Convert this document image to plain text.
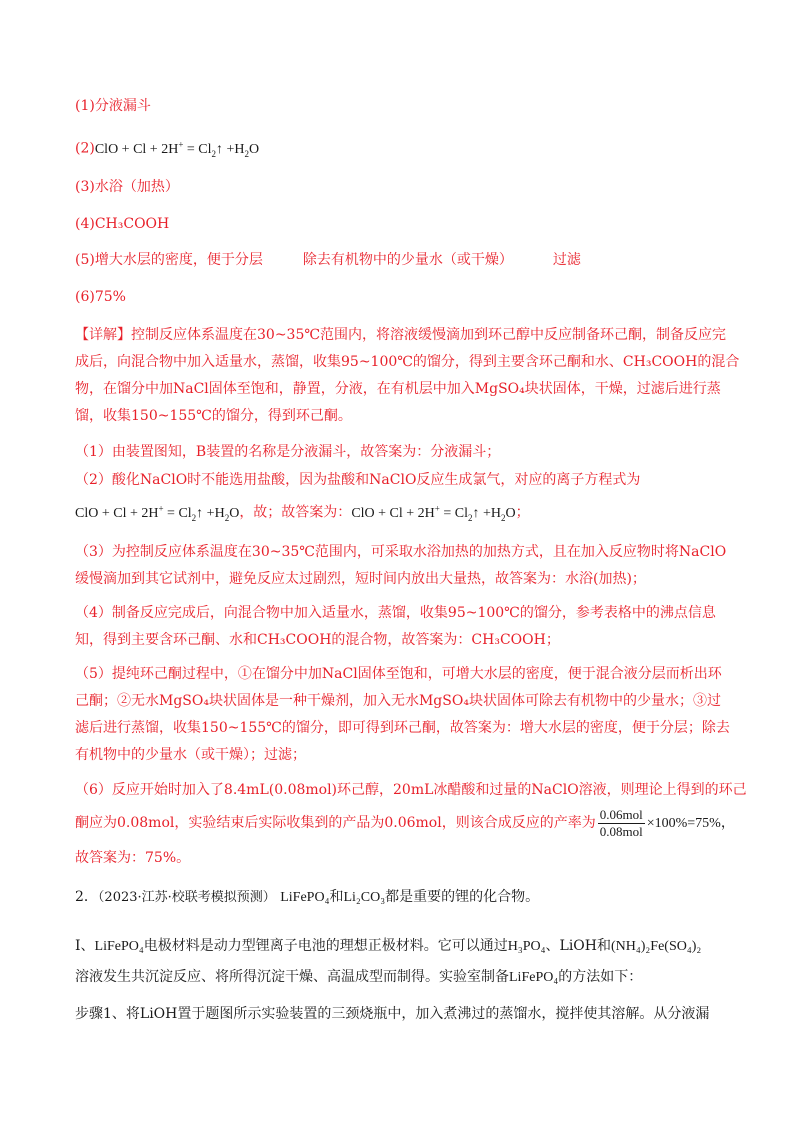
(1)分液漏斗
$(2)ClO + Cl + 2H^+ = Cl_2↑ +H_2O$
(3)水浴（加热）
(4)CH₃COOH
(5)增大水层的密度，便于分层	除去有机物中的少量水（或干燥）	过滤
(6)75%
【详解】控制反应体系温度在30~35℃范围内，将溶液缓慢滴加到环己醇中反应制备环己酮，制备反应完
成后，向混合物中加入适量水，蒸馏，收集95~100℃的馏分，得到主要含环己酮和水、CH₃COOH的混合
物，在馏分中加NaCl固体至饱和，静置，分液，在有机层中加入MgSO₄块状固体，干燥，过滤后进行蒸
馏，收集150~155℃的馏分，得到环己酮。
（1）由装置图知，B装置的名称是分液漏斗，故答案为：分液漏斗；
（2）酸化NaClO时不能选用盐酸，因为盐酸和NaClO反应生成氯气，对应的离子方程式为
ClO + $Cl + 2H^+ = Cl_2↑ +H_2O$，故；故答案为：ClO + $Cl + 2H^+ = Cl_2↑ +H_2O$；
（3）为控制反应体系温度在30~35℃范围内，可采取水浴加热的加热方式，且在加入反应物时将NaClO
缓慢滴加到其它试剂中，避免反应太过剧烈，短时间内放出大量热，故答案为：水浴(加热)；
（4）制备反应完成后，向混合物中加入适量水，蒸馏，收集95~100℃的馏分，参考表格中的沸点信息
知，得到主要含环己酮、水和CH₃COOH的混合物，故答案为：CH₃COOH；
（5）提纯环己酮过程中，①在馏分中加NaCl固体至饱和，可增大水层的密度，便于混合液分层而析出环
己酮；②无水MgSO₄块状固体是一种干燥剂，加入无水MgSO₄块状固体可除去有机物中的少量水；③过
滤后进行蒸馏，收集150~155℃的馏分，即可得到环己酮，故答案为：增大水层的密度，便于分层；除去
有机物中的少量水（或干燥）；过滤；
（6）反应开始时加入了8.4mL(0.08mol)环己醇，20mL冰醋酸和过量的NaClO溶液，则理论上得到的环己
酮应为0.08mol，实验结束后实际收集到的产品为0.06mol，则该合成反应的产率为 $\frac{\text{0.06mol}}{\text{0.08mol}} \times 100\%=75\%$，
故答案为：75%。
2．（2023·江苏·校联考模拟预测） LiFePO₄和Li₂CO₃都是重要的锂的化合物。
I、LiFePO₄电极材料是动力型锂离子电池的理想正极材料。它可以通过H₃PO₄、LiOH和(NH₄)₂Fe(SO₄)₂
溶液发生共沉淀反应、将所得沉淀干燥、高温成型而制得。实验室制备LiFePO₄的方法如下：
步骤1、将LiOH置于题图所示实验装置的三颈烧瓶中，加入煮沸过的蒸馏水，搅拌使其溶解。从分液漏
